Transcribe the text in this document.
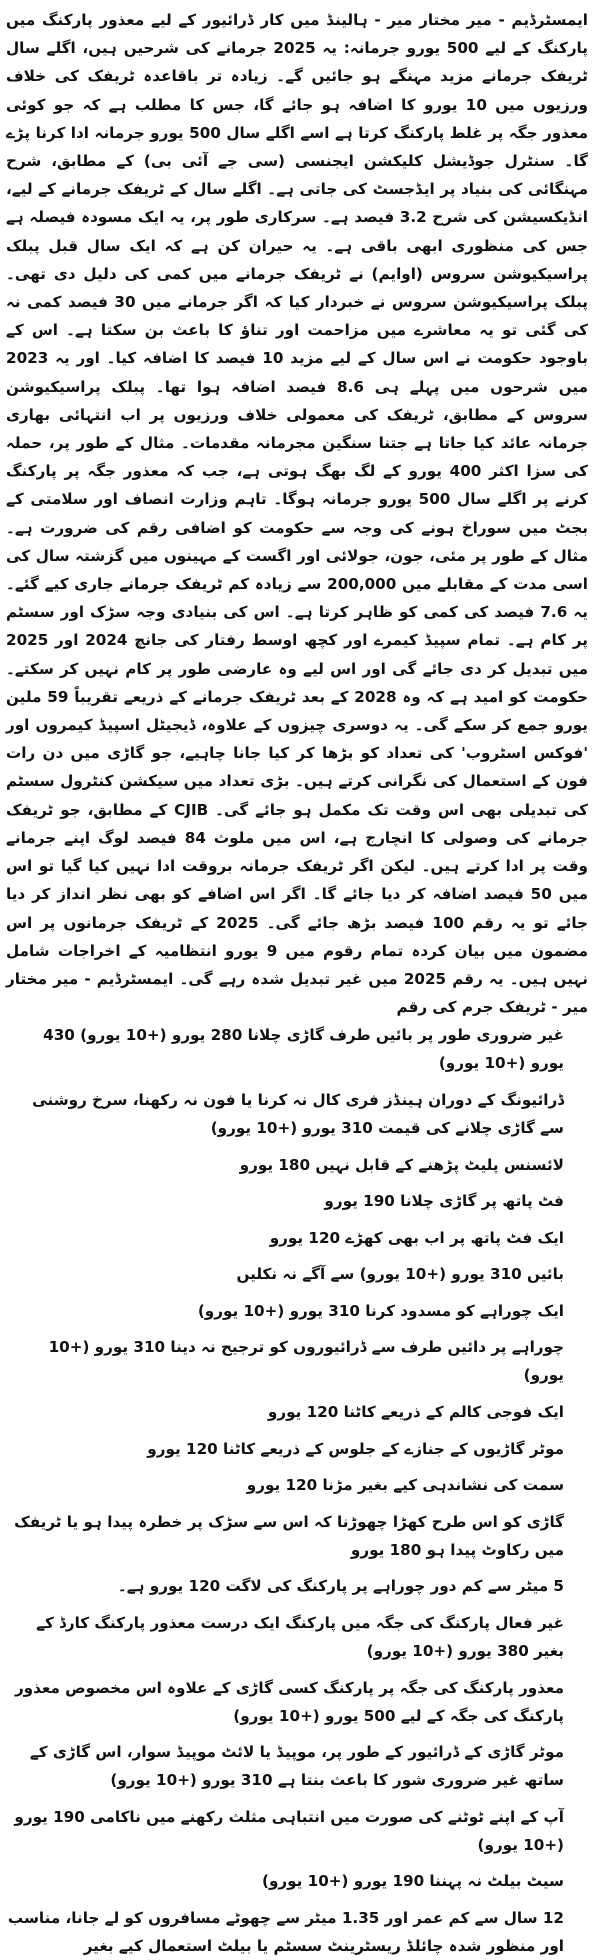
ایمسٹرڈیم - میر مختار میر - ہالینڈ میں کار ڈرائیور کے لیے معذور پارکنگ میں پارکنگ کے لیے 500 یورو جرمانہ: یہ 2025 جرمانے کی شرحیں ہیں، اگلے سال ٹریفک جرمانے مزید مہنگے ہو جائیں گے۔ زیادہ تر باقاعدہ ٹریفک کی خلاف ورزیوں میں 10 یورو کا اضافہ ہو جائے گا، جس کا مطلب ہے کہ جو کوئی معذور جگہ پر غلط پارکنگ کرتا ہے اسے اگلے سال 500 یورو جرمانہ ادا کرنا پڑے گا۔ سنٹرل جوڈیشل کلیکشن ایجنسی (سی جے آئی بی) کے مطابق، شرح مہنگائی کی بنیاد پر ایڈجسٹ کی جاتی ہے۔ اگلے سال کے ٹریفک جرمانے کے لیے، انڈیکسیشن کی شرح 3.2 فیصد ہے۔ سرکاری طور پر، یہ ایک مسودہ فیصلہ ہے جس کی منظوری ابھی باقی ہے۔ یہ حیران کن ہے کہ ایک سال قبل پبلک پراسیکیوشن سروس (اوایم) نے ٹریفک جرمانے میں کمی کی دلیل دی تھی۔ پبلک پراسیکیوشن سروس نے خبردار کیا کہ اگر جرمانے میں 30 فیصد کمی نہ کی گئی تو یہ معاشرے میں مزاحمت اور تناؤ کا باعث بن سکتا ہے۔ اس کے باوجود حکومت نے اس سال کے لیے مزید 10 فیصد کا اضافہ کیا۔ اور یہ 2023 میں شرحوں میں پہلے ہی 8.6 فیصد اضافہ ہوا تھا۔ پبلک پراسیکیوشن سروس کے مطابق، ٹریفک کی معمولی خلاف ورزیوں پر اب انتہائی بھاری جرمانہ عائد کیا جاتا ہے جتنا سنگین مجرمانہ مقدمات۔ مثال کے طور پر، حملہ کی سزا اکثر 400 یورو کے لگ بھگ ہوتی ہے، جب کہ معذور جگہ پر پارکنگ کرنے پر اگلے سال 500 یورو جرمانہ ہوگا۔ تاہم وزارت انصاف اور سلامتی کے بجٹ میں سوراخ ہونے کی وجہ سے حکومت کو اضافی رقم کی ضرورت ہے۔ مثال کے طور پر مئی، جون، جولائی اور اگست کے مہینوں میں گزشتہ سال کی اسی مدت کے مقابلے میں 200,000 سے زیادہ کم ٹریفک جرمانے جاری کیے گئے۔ یہ 7.6 فیصد کی کمی کو ظاہر کرتا ہے۔ اس کی بنیادی وجہ سڑک اور سسٹم پر کام ہے۔ تمام سپیڈ کیمرے اور کچھ اوسط رفتار کی جانچ 2024 اور 2025 میں تبدیل کر دی جائے گی اور اس لیے وہ عارضی طور پر کام نہیں کر سکتے۔ حکومت کو امید ہے کہ وہ 2028 کے بعد ٹریفک جرمانے کے ذریعے تقریباً 59 ملین یورو جمع کر سکے گی۔ یہ دوسری چیزوں کے علاوہ، ڈیجیٹل اسپیڈ کیمروں اور 'فوکس اسٹروب' کی تعداد کو بڑھا کر کیا جانا چاہیے، جو گاڑی میں دن رات فون کے استعمال کی نگرانی کرتے ہیں۔ بڑی تعداد میں سیکشن کنٹرول سسٹم کی تبدیلی بھی اس وقت تک مکمل ہو جائے گی۔ CJIB کے مطابق، جو ٹریفک جرمانے کی وصولی کا انچارج ہے، اس میں ملوث 84 فیصد لوگ اپنے جرمانے وقت پر ادا کرتے ہیں۔ لیکن اگر ٹریفک جرمانہ بروقت ادا نہیں کیا گیا تو اس میں 50 فیصد اضافہ کر دیا جائے گا۔ اگر اس اضافے کو بھی نظر انداز کر دیا جائے تو یہ رقم 100 فیصد بڑھ جائے گی۔ 2025 کے ٹریفک جرمانوں پر اس مضمون میں بیان کردہ تمام رقوم میں 9 یورو انتظامیہ کے اخراجات شامل نہیں ہیں۔ یہ رقم 2025 میں غیر تبدیل شدہ رہے گی۔ ایمسٹرڈیم - میر مختار میر - ٹریفک جرم کی رقم

غیر ضروری طور پر بائیں طرف گاڑی چلانا 280 یورو (+10 یورو) 430 یورو (+10 یورو)
ڈرائیونگ کے دوران ہینڈز فری کال نہ کرنا یا فون نہ رکھنا، سرخ روشنی سے گاڑی چلانے کی قیمت 310 یورو (+10 یورو)
لائسنس پلیٹ پڑھنے کے قابل نہیں 180 یورو
فٹ پاتھ پر گاڑی چلانا 190 یورو
ایک فٹ پاتھ پر اب بھی کھڑے 120 یورو
بائیں 310 یورو (+10 یورو) سے آگے نہ نکلیں
ایک چوراہے کو مسدود کرنا 310 یورو (+10 یورو)
چوراہے پر دائیں طرف سے ڈرائیوروں کو ترجیح نہ دینا 310 یورو (+10 یورو)
ایک فوجی کالم کے ذریعے کاٹنا 120 یورو
موٹر گاڑیوں کے جنازے کے جلوس کے ذریعے کاٹنا 120 یورو
سمت کی نشاندہی کیے بغیر مڑنا 120 یورو
گاڑی کو اس طرح کھڑا چھوڑنا کہ اس سے سڑک پر خطرہ پیدا ہو یا ٹریفک میں رکاوٹ پیدا ہو 180 یورو
5 میٹر سے کم دور چوراہے پر پارکنگ کی لاگت 120 یورو ہے۔
غیر فعال پارکنگ کی جگہ میں پارکنگ ایک درست معذور پارکنگ کارڈ کے بغیر 380 یورو (+10 یورو)
معذور پارکنگ کی جگہ پر پارکنگ کسی گاڑی کے علاوہ اس مخصوص معذور پارکنگ کی جگہ کے لیے 500 یورو (+10 یورو)
موٹر گاڑی کے ڈرائیور کے طور پر، موپیڈ یا لائٹ موپیڈ سوار، اس گاڑی کے ساتھ غیر ضروری شور کا باعث بنتا ہے 310 یورو (+10 یورو)
آپ کے اپنے ٹوٹنے کی صورت میں انتباہی مثلث رکھنے میں ناکامی 190 یورو (+10 یورو)
سیٹ بیلٹ نہ پہننا 190 یورو (+10 یورو)
12 سال سے کم عمر اور 1.35 میٹر سے چھوٹے مسافروں کو لے جانا، مناسب اور منظور شدہ چائلڈ ریسٹرینٹ سسٹم یا بیلٹ استعمال کیے بغیر
